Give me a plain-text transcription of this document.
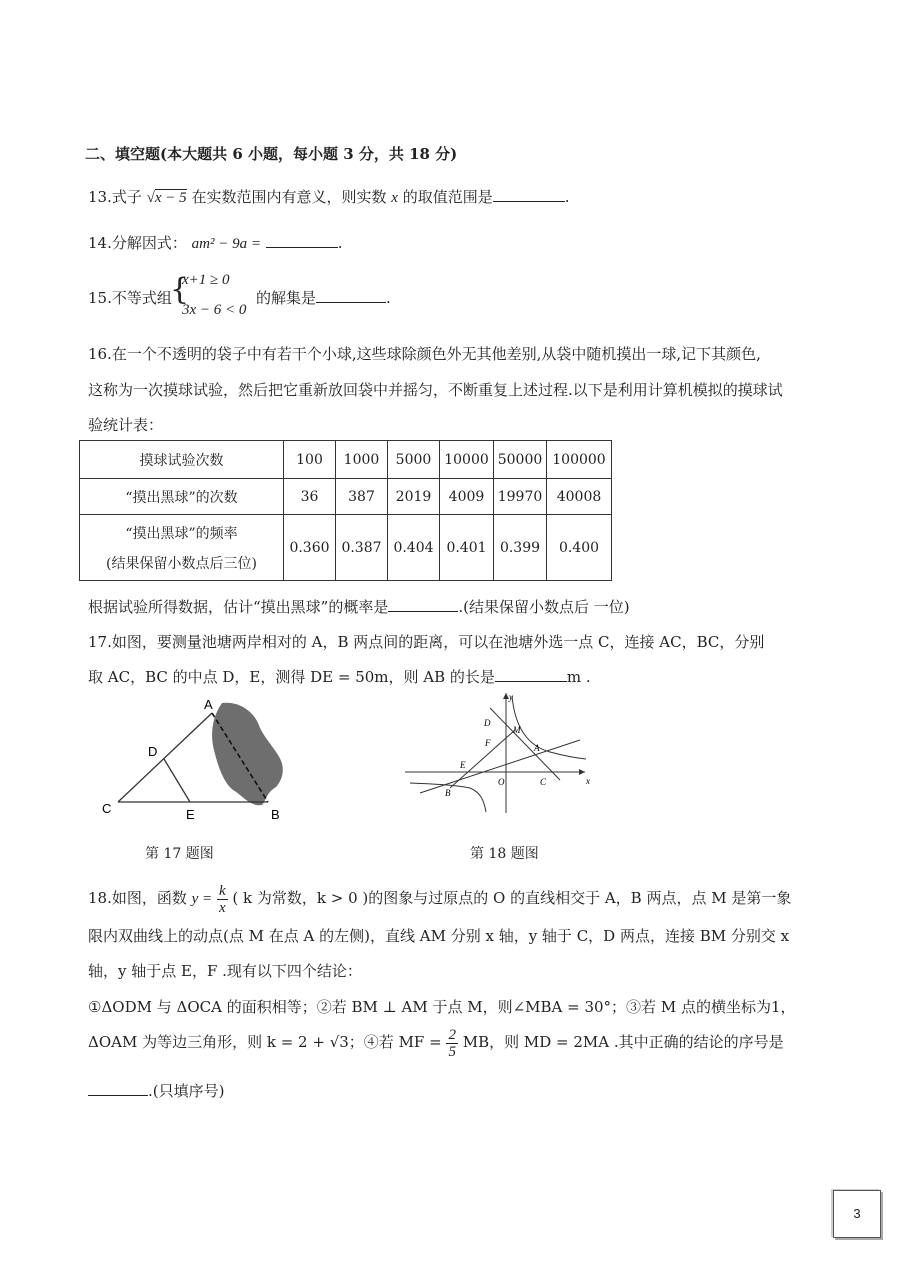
二、填空题(本大题共 6 小题，每小题 3 分，共 18 分)
13.式子 √x − 5 在实数范围内有意义，则实数 x 的取值范围是	.
14.分解因式： am² − 9a =	.
15.不等式组
{
x+1 ≥ 0
3x − 6 < 0
的解集是	.
16.在一个不透明的袋子中有若干个小球,这些球除颜色外无其他差别,从袋中随机摸出一球,记下其颜色,
这称为一次摸球试验，然后把它重新放回袋中并摇匀，不断重复上述过程.以下是利用计算机模拟的摸球试
验统计表：
摸球试验次数	100	1000	5000	10000	50000	100000
“摸出黑球”的次数	36	387	2019	4009	19970	40008

“摸出黑球”的频率
(结果保留小数点后三位)	0.360	0.387	0.404	0.401	0.399	0.400
根据试验所得数据，估计“摸出黑球”的概率是	.(结果保留小数点后 一位)
17.如图，要测量池塘两岸相对的 A，B 两点间的距离，可以在池塘外选一点 C，连接 AC，BC，分别
取 AC，BC 的中点 D，E，测得 DE = 50m，则 AB 的长是	m .
A
D
C	E	B
第 17 题图
y
x
D
M
F	A
E
O	C
B
第 18 题图
18.如图，函数 $y = \frac{k}{x}$ ( k 为常数，k > 0 )的图象与过原点的 O 的直线相交于 A，B 两点，点 M 是第一象
限内双曲线上的动点(点 M 在点 A 的左侧)，直线 AM 分别 x 轴，y 轴于 C，D 两点，连接 BM 分别交 x
轴，y 轴于点 E，F .现有以下四个结论：
①ΔODM 与 ΔOCA 的面积相等；②若 BM ⊥ AM 于点 M，则∠MBA = 30°；③若 M 点的横坐标为1，
ΔOAM 为等边三角形，则 k = 2 + √3；④若 MF = $\frac{2}{5}$ MB，则 MD = 2MA .其中正确的结论的序号是
.(只填序号)
3
